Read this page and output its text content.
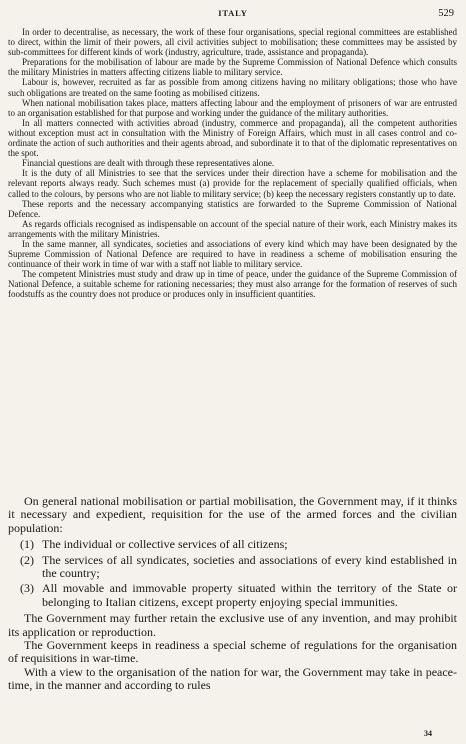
ITALY	529

In order to decentralise, as necessary, the work of these four organisations, special regional committees are established to direct, within the limit of their powers, all civil activities subject to mobilisation; these committees may be assisted by sub-committees for different kinds of work (industry, agriculture, trade, assistance and propaganda).

Preparations for the mobilisation of labour are made by the Supreme Commission of National Defence which consults the military Ministries in matters affecting citizens liable to military service.

Labour is, however, recruited as far as possible from among citizens having no military obligations; those who have such obligations are treated on the same footing as mobilised citizens.

When national mobilisation takes place, matters affecting labour and the employment of prisoners of war are entrusted to an organisation established for that purpose and working under the guidance of the military authorities.

In all matters connected with activities abroad (industry, commerce and propaganda), all the competent authorities without exception must act in consultation with the Ministry of Foreign Affairs, which must in all cases control and co-ordinate the action of such authorities and their agents abroad, and subordinate it to that of the diplomatic representatives on the spot.

Financial questions are dealt with through these representatives alone.

It is the duty of all Ministries to see that the services under their direction have a scheme for mobilisation and the relevant reports always ready. Such schemes must (a) provide for the replacement of specially qualified officials, when called to the colours, by persons who are not liable to military service; (b) keep the necessary registers constantly up to date.

These reports and the necessary accompanying statistics are forwarded to the Supreme Commission of National Defence.

As regards officials recognised as indispensable on account of the special nature of their work, each Ministry makes its arrangements with the military Ministries.

In the same manner, all syndicates, societies and associations of every kind which may have been designated by the Supreme Commission of National Defence are required to have in readiness a scheme of mobilisation ensuring the continuance of their work in time of war with a staff not liable to military service.

The competent Ministries must study and draw up in time of peace, under the guidance of the Supreme Commission of National Defence, a suitable scheme for rationing necessaries; they must also arrange for the formation of reserves of such foodstuffs as the country does not produce or produces only in insufficient quantities.

On general national mobilisation or partial mobilisation, the Government may, if it thinks it necessary and expedient, requisition for the use of the armed forces and the civilian population:

(1) The individual or collective services of all citizens;
(2) The services of all syndicates, societies and associations of every kind established in the country;
(3) All movable and immovable property situated within the territory of the State or belonging to Italian citizens, except property enjoying special immunities.

The Government may further retain the exclusive use of any invention, and may prohibit its application or reproduction.

The Government keeps in readiness a special scheme of regulations for the organisation of requisitions in war-time.

With a view to the organisation of the nation for war, the Government may take in peace-time, in the manner and according to rules

34
